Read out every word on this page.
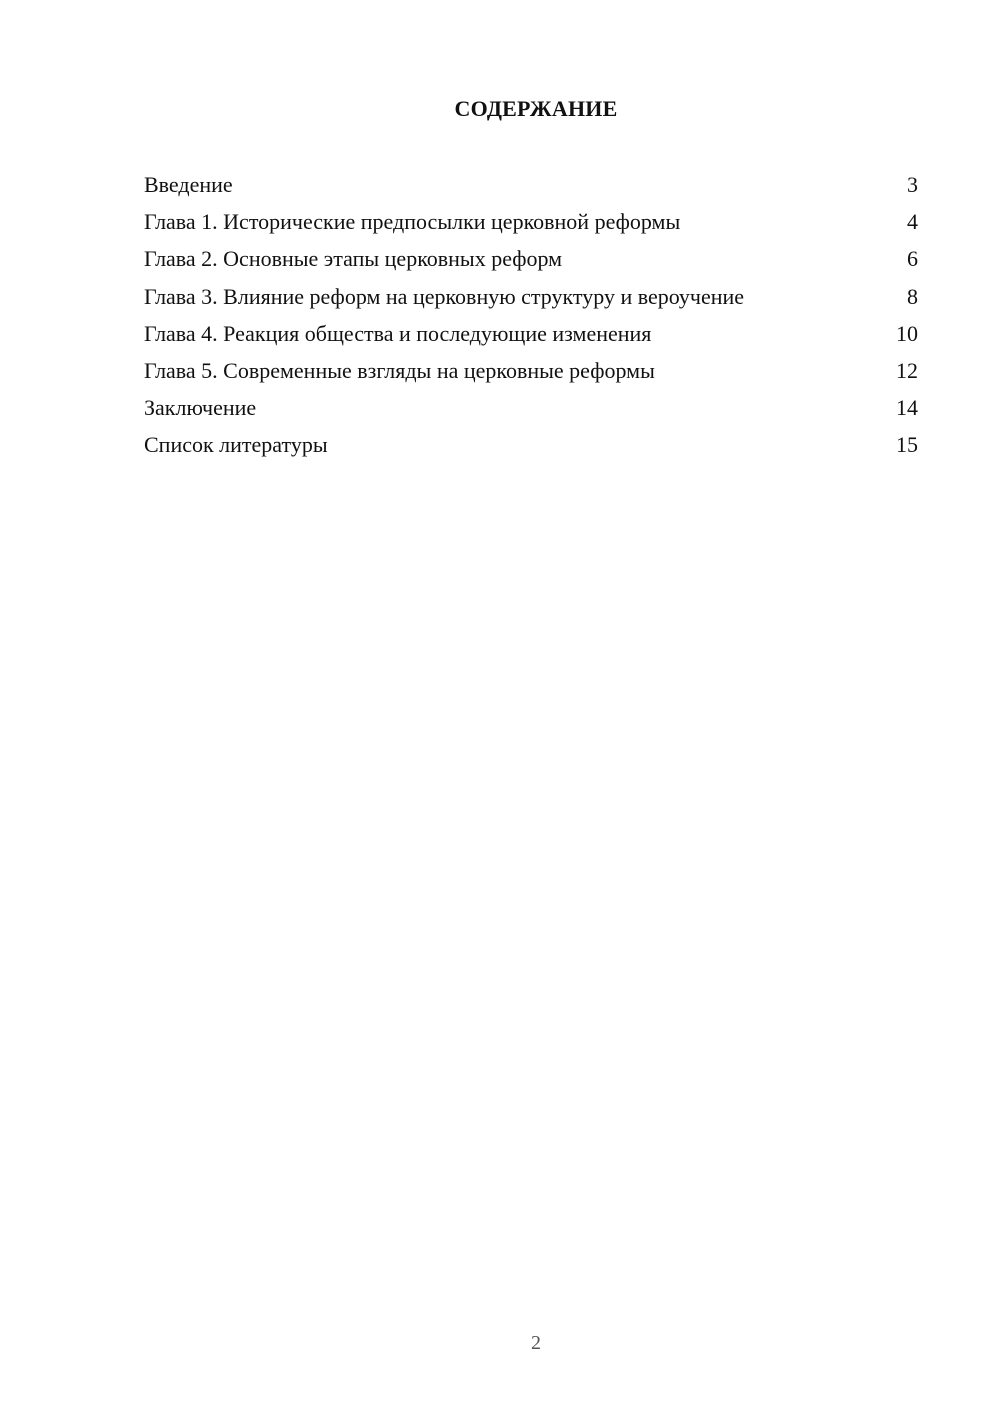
СОДЕРЖАНИЕ
Введение	3
Глава 1. Исторические предпосылки церковной реформы	4
Глава 2. Основные этапы церковных реформ	6
Глава 3. Влияние реформ на церковную структуру и вероучение	8
Глава 4. Реакция общества и последующие изменения	10
Глава 5. Современные взгляды на церковные реформы	12
Заключение	14
Список литературы	15
2
